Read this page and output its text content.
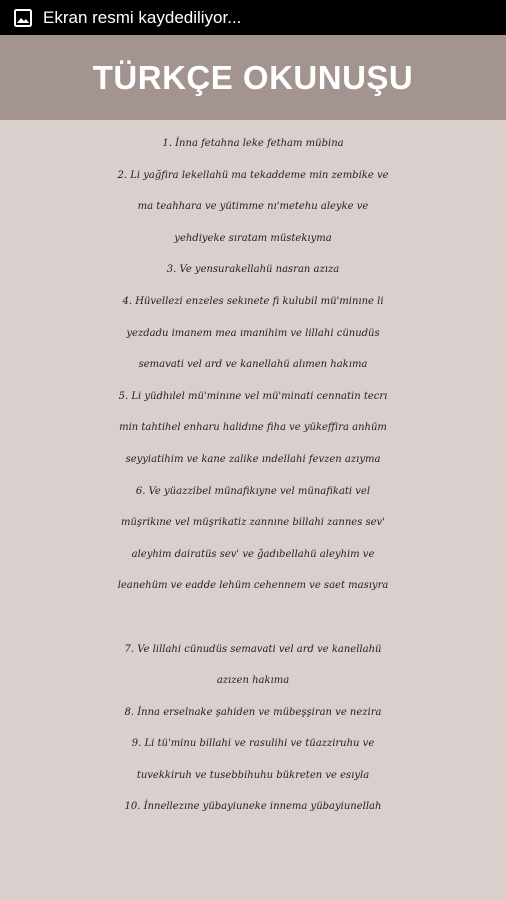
Ekran resmi kaydediliyor...
TÜRKÇE OKUNUŞU
1. İnna fetahna leke fetham mübina
2. Li yağfira lekellahü ma tekaddeme min zembike ve
ma teahhara ve yütimme nı'metehu aleyke ve
yehdiyeke sıratam müstekıyma
3. Ve yensurakellahü nasran azıza
4. Hüvellezi enzeles sekınete fi kulubil mü'minıne li
yezdadu imanem mea ımanihim ve lillahi cünudüs
semavati vel ard ve kanellahü alımen hakıma
5. Li yüdhılel mü'minıne vel mü'minati cennatin tecrı
min tahtihel enharu halidıne fiha ve yükeffira anhüm
seyyiatihim ve kane zalike ındellahi fevzen azıyma
6. Ve yüazzibel münafikıyne vel münafikati vel
müşrikıne vel müşrikatiz zannıne billahi zannes sev'
aleyhim dairatüs sev' ve ğadıbellahü aleyhim ve
leanehüm ve eadde lehüm cehennem ve saet masıyra
7. Ve lillahi cünudüs semavati vel ard ve kanellahü
azızen hakıma
8. İnna erselnake şahiden ve mübeşşiran ve nezira
9. Li tü'minu billahi ve rasulihi ve tüazziruhu ve
tuvekkiruh ve tusebbihuhu bükreten ve esıyla
10. İnnellezıne yübayiuneke innema yübayiunellah
